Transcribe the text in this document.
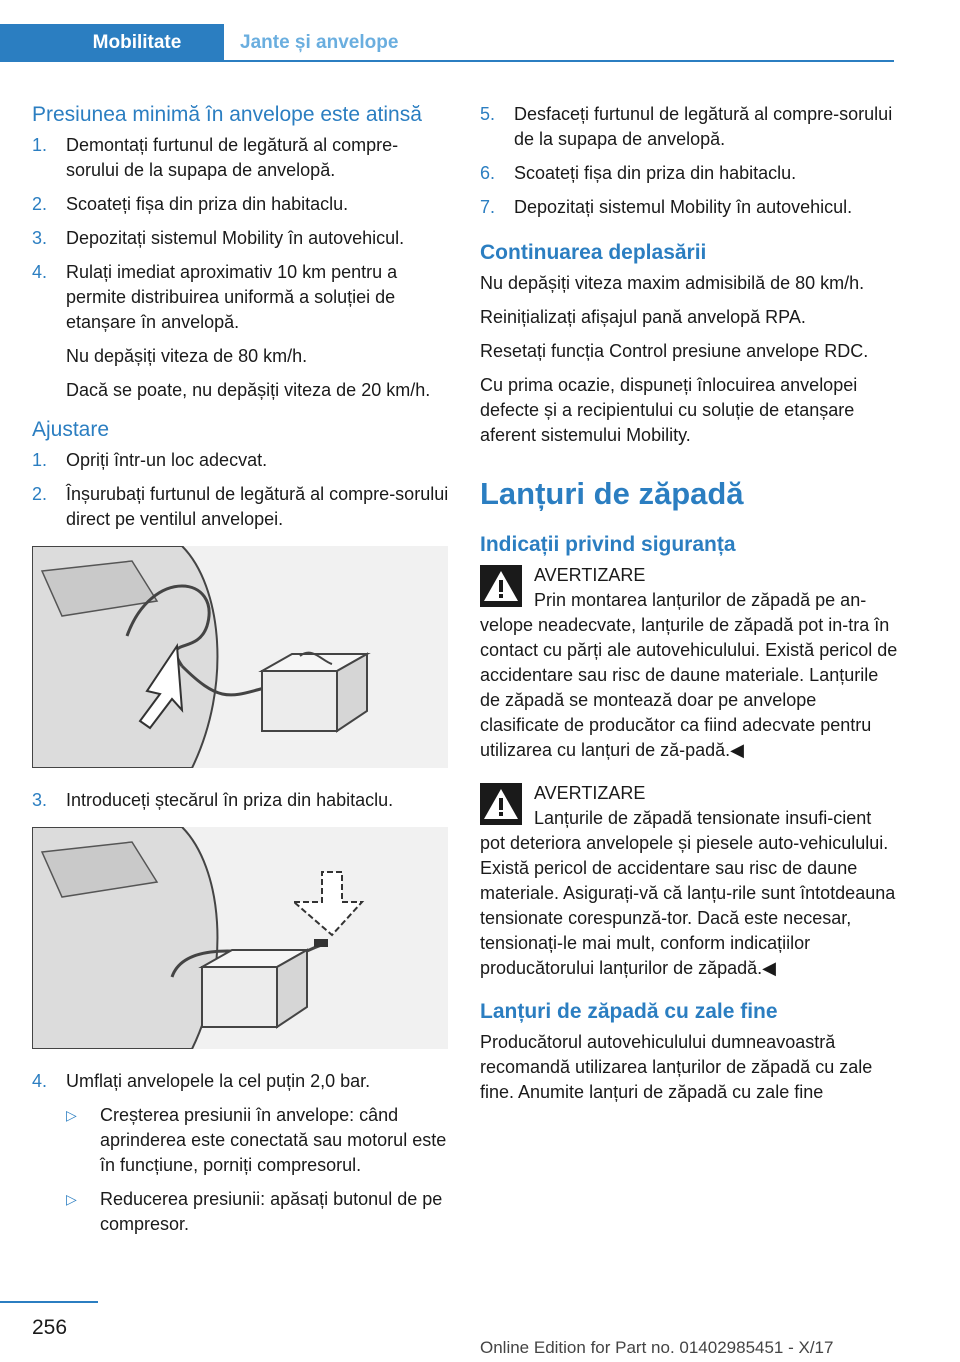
Mobilitate	Jante și anvelope
Presiunea minimă în anvelope este atinsă
1. Demontați furtunul de legătură al compre-sorului de la supapa de anvelopă.
2. Scoateți fișa din priza din habitaclu.
3. Depozitați sistemul Mobility în autovehicul.
4. Rulați imediat aproximativ 10 km pentru a permite distribuirea uniformă a soluției de etanșare în anvelopă.
Nu depășiți viteza de 80 km/h.
Dacă se poate, nu depășiți viteza de 20 km/h.
Ajustare
1. Opriți într-un loc adecvat.
2. Înșurubați furtunul de legătură al compre-sorului direct pe ventilul anvelopei.
3. Introduceți ștecărul în priza din habitaclu.
4. Umflați anvelopele la cel puțin 2,0 bar.
▷ Creșterea presiunii în anvelope: când aprinderea este conectată sau motorul este în funcțiune, porniți compresorul.
▷ Reducerea presiunii: apăsați butonul de pe compresor.
5. Desfaceți furtunul de legătură al compre-sorului de la supapa de anvelopă.
6. Scoateți fișa din priza din habitaclu.
7. Depozitați sistemul Mobility în autovehicul.
Continuarea deplasării

Nu depășiți viteza maxim admisibilă de 80 km/h.

Reinițializați afișajul pană anvelopă RPA.

Resetați funcția Control presiune anvelope RDC.

Cu prima ocazie, dispuneți înlocuirea anvelopei defecte și a recipientului cu soluție de etanșare aferent sistemului Mobility.

Lanțuri de zăpadă
Indicații privind siguranța
AVERTIZARE
Prin montarea lanțurilor de zăpadă pe an-velope neadecvate, lanțurile de zăpadă pot in-tra în contact cu părți ale autovehiculului. Există pericol de accidentare sau risc de daune materiale. Lanțurile de zăpadă se montează doar pe anvelope clasificate de producător ca fiind adecvate pentru utilizarea cu lanțuri de ză-padă.◀
AVERTIZARE
Lanțurile de zăpadă tensionate insufi-cient pot deteriora anvelopele și piesele auto-vehiculului. Există pericol de accidentare sau risc de daune materiale. Asigurați-vă că lanțu-rile sunt întotdeauna tensionate corespunză-tor. Dacă este necesar, tensionați-le mai mult, conform indicațiilor producătorului lanțurilor de zăpadă.◀
Lanțuri de zăpadă cu zale fine

Producătorul autovehiculului dumneavoastră recomandă utilizarea lanțurilor de zăpadă cu zale fine. Anumite lanțuri de zăpadă cu zale fine

256
Online Edition for Part no. 01402985451 - X/17
